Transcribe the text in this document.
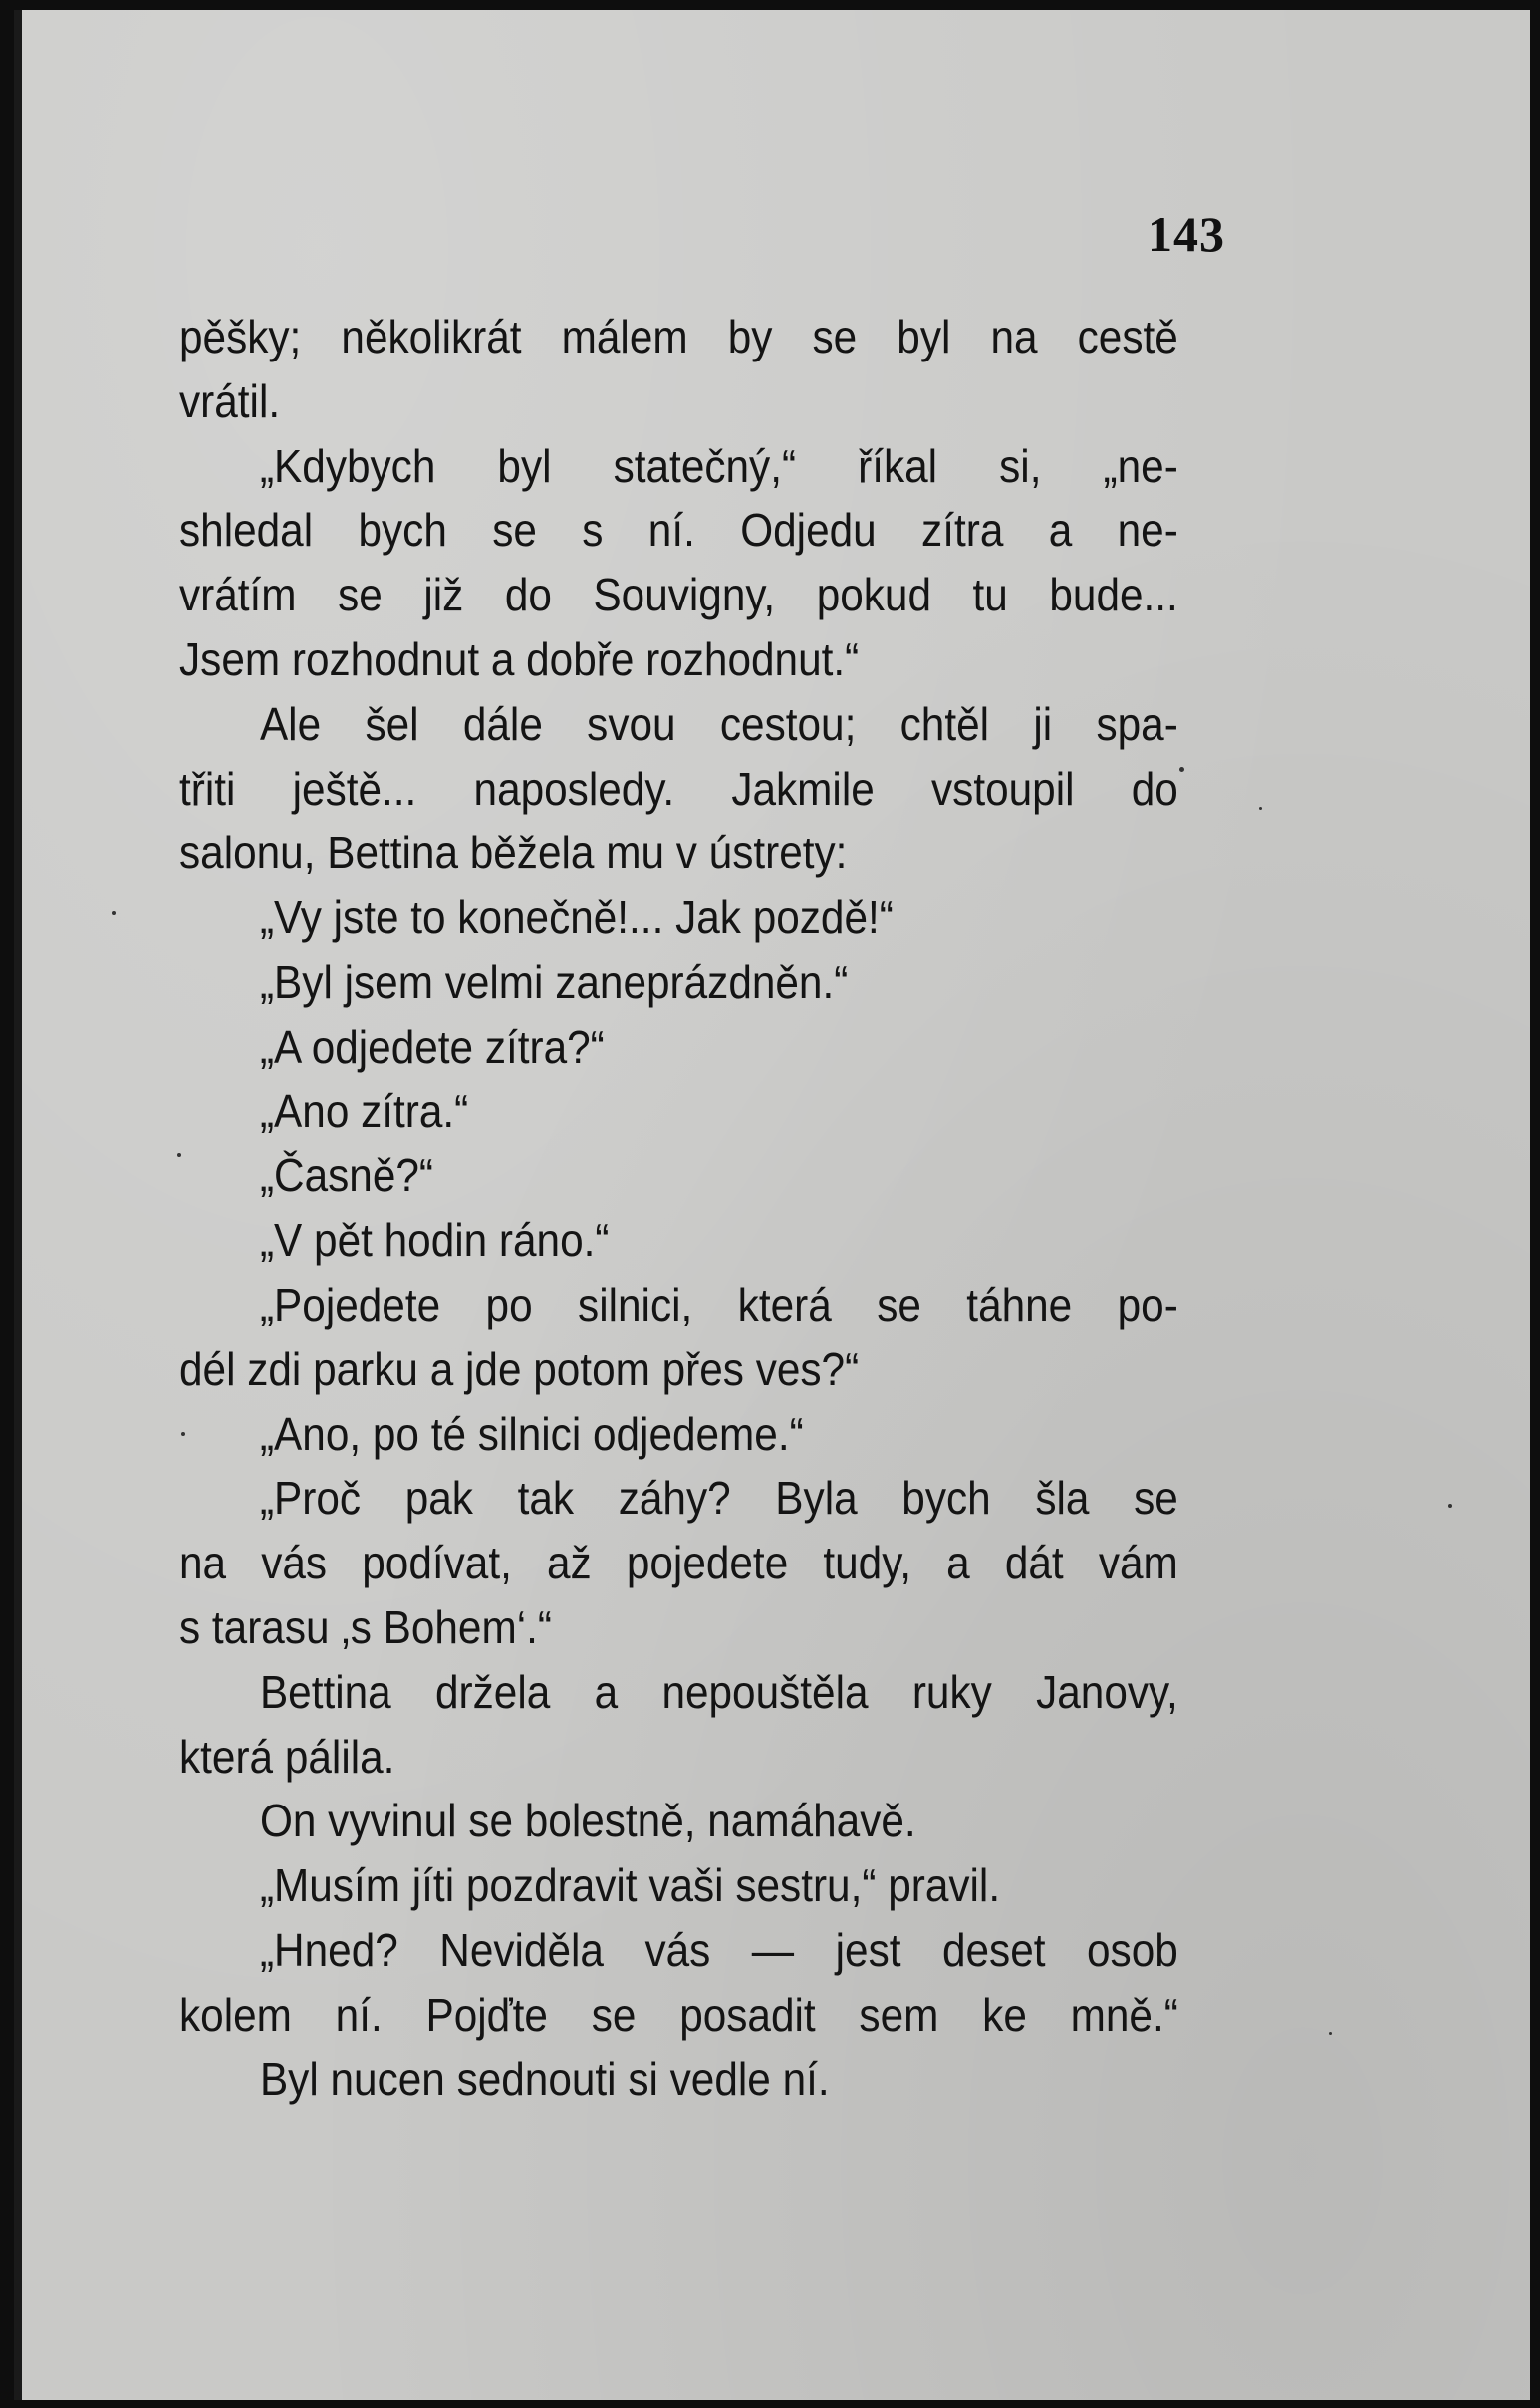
143
pěšky; několikrát málem by se byl na cestě
vrátil.
„Kdybych byl statečný,“ říkal si, „ne-
shledal bych se s ní. Odjedu zítra a ne-
vrátím se již do Souvigny, pokud tu bude...
Jsem rozhodnut a dobře rozhodnut.“
Ale šel dále svou cestou; chtěl ji spa-
třiti ještě... naposledy. Jakmile vstoupil do
salonu, Bettina běžela mu v ústrety:
„Vy jste to konečně!... Jak pozdě!“
„Byl jsem velmi zaneprázdněn.“
„A odjedete zítra?“
„Ano zítra.“
„Časně?“
„V pět hodin ráno.“
„Pojedete po silnici, která se táhne po-
dél zdi parku a jde potom přes ves?“
„Ano, po té silnici odjedeme.“
„Proč pak tak záhy? Byla bych šla se
na vás podívat, až pojedete tudy, a dát vám
s tarasu ‚s Bohem‘.“
Bettina držela a nepouštěla ruky Janovy,
která pálila.
On vyvinul se bolestně, namáhavě.
„Musím jíti pozdravit vaši sestru,“ pravil.
„Hned? Neviděla vás — jest deset osob
kolem ní. Pojďte se posadit sem ke mně.“
Byl nucen sednouti si vedle ní.
